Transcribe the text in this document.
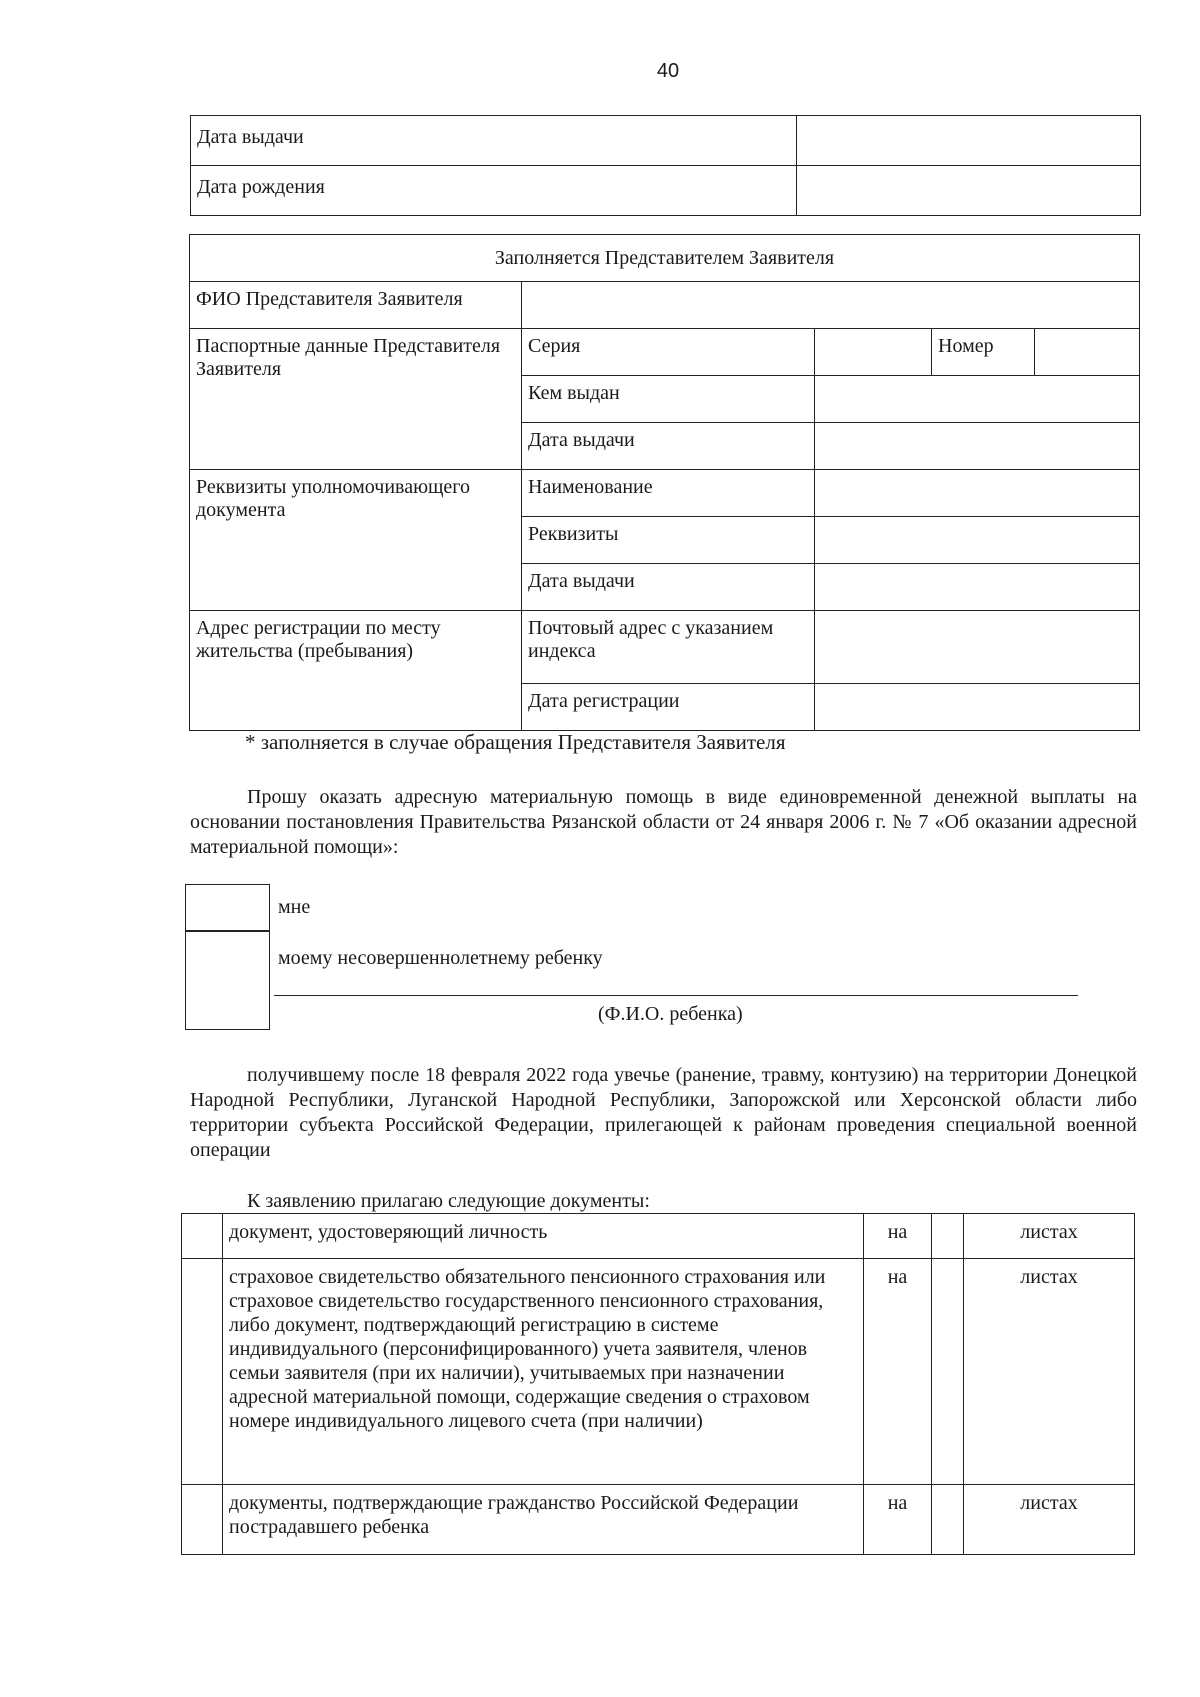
40
Дата выдачи	
Дата рождения	
Заполняется Представителем Заявителя				
ФИО Представителя Заявителя				
Паспортные данные Представителя Заявителя	Серия		Номер	
	Кем выдан			
	Дата выдачи			
Реквизиты уполномочивающего документа	Наименование			
	Реквизиты			
	Дата выдачи			
Адрес регистрации по месту жительства (пребывания)	Почтовый адрес с указанием индекса			
	Дата регистрации			
* заполняется в случае обращения Представителя Заявителя
Прошу оказать адресную материальную помощь в виде единовременной денежной выплаты на основании постановления Правительства Рязанской области от 24 января 2006 г. № 7 «Об оказании адресной материальной помощи»:
мне
моему несовершеннолетнему ребенку
(Ф.И.О. ребенка)
получившему после 18 февраля 2022 года увечье (ранение, травму, контузию) на территории Донецкой Народной Республики, Луганской Народной Республики, Запорожской или Херсонской области либо территории субъекта Российской Федерации, прилегающей к районам проведения специальной военной операции
К заявлению прилагаю следующие документы:
	документ, удостоверяющий личность	на		листах
	страховое свидетельство обязательного пенсионного страхования или страховое свидетельство государственного пенсионного страхования, либо документ, подтверждающий регистрацию в системе индивидуального (персонифицированного) учета заявителя, членов семьи заявителя (при их наличии), учитываемых при назначении адресной материальной помощи, содержащие сведения о страховом номере индивидуального лицевого счета (при наличии)	на		листах
	документы, подтверждающие гражданство Российской Федерации пострадавшего ребенка	на		листах
